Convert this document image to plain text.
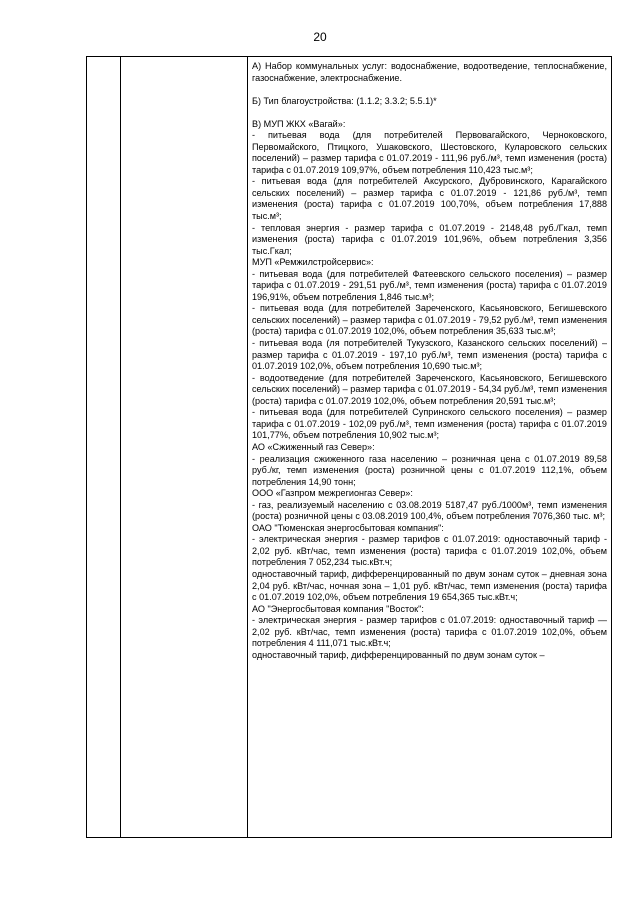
20

А) Набор коммунальных услуг: водоснабжение, водоотведение, теплоснабжение, газоснабжение, электроснабжение.

Б) Тип благоустройства: (1.1.2; 3.3.2; 5.5.1)*

В) МУП ЖКХ «Вагай»:

- питьевая вода (для потребителей Первовагайского, Черноковского, Первомайского, Птицкого, Ушаковского, Шестовского, Куларовского сельских поселений) – размер тарифа с 01.07.2019 - 111,96 руб./м³, темп изменения (роста) тарифа с 01.07.2019 109,97%, объем потребления 110,423 тыс.м³;

- питьевая вода (для потребителей Аксурского, Дубровинского, Карагайского сельских поселений) – размер тарифа с 01.07.2019 - 121,86 руб./м³, темп изменения (роста) тарифа с 01.07.2019 100,70%, объем потребления 17,888 тыс.м³;

- тепловая энергия - размер тарифа с 01.07.2019 - 2148,48 руб./Гкал, темп изменения (роста) тарифа с 01.07.2019 101,96%, объем потребления 3,356 тыс.Гкал;

МУП «Ремжилстройсервис»:

- питьевая вода (для потребителей Фатеевского сельского поселения) – размер тарифа с 01.07.2019 - 291,51 руб./м³, темп изменения (роста) тарифа с 01.07.2019 196,91%, объем потребления 1,846 тыс.м³;

- питьевая вода (для потребителей Зареченского, Касьяновского, Бегишевского сельских поселений) – размер тарифа с 01.07.2019 - 79,52 руб./м³, темп изменения (роста) тарифа с 01.07.2019 102,0%, объем потребления 35,633 тыс.м³;

- питьевая вода (ля потребителей Тукузского, Казанского сельских поселений) – размер тарифа с 01.07.2019 - 197,10 руб./м³, темп изменения (роста) тарифа с 01.07.2019 102,0%, объем потребления 10,690 тыс.м³;

- водоотведение (для потребителей Зареченского, Касьяновского, Бегишевского сельских поселений) – размер тарифа с 01.07.2019 - 54,34 руб./м³, темп изменения (роста) тарифа с 01.07.2019 102,0%, объем потребления 20,591 тыс.м³;

- питьевая вода (для потребителей Супринского сельского поселения) – размер тарифа с 01.07.2019 - 102,09 руб./м³, темп изменения (роста) тарифа с 01.07.2019 101,77%, объем потребления 10,902 тыс.м³;

АО «Сжиженный газ Север»:

- реализация сжиженного газа населению – розничная цена с 01.07.2019 89,58 руб./кг, темп изменения (роста) розничной цены с 01.07.2019 112,1%, объем потребления 14,90 тонн;

ООО «Газпром межрегионгаз Север»:

- газ, реализуемый населению с 03.08.2019 5187,47 руб./1000м³, темп изменения (роста) розничной цены с 03.08.2019 100,4%, объем потребления 7076,360 тыс. м³;

ОАО "Тюменская энергосбытовая компания":

- электрическая энергия - размер тарифов с 01.07.2019: одноставочный тариф - 2,02 руб. кВт/час, темп изменения (роста) тарифа с 01.07.2019 102,0%, объем потребления 7 052,234 тыс.кВт.ч;

одноставочный тариф, дифференцированный по двум зонам суток – дневная зона 2,04 руб. кВт/час, ночная зона – 1,01 руб. кВт/час, темп изменения (роста) тарифа с 01.07.2019 102,0%, объем потребления 19 654,365 тыс.кВт.ч;

АО "Энергосбытовая компания "Восток":

- электрическая энергия - размер тарифов с 01.07.2019: одноставочный тариф — 2,02 руб. кВт/час, темп изменения (роста) тарифа с 01.07.2019 102,0%, объем потребления 4 111,071 тыс.кВт.ч;

одноставочный тариф, дифференцированный по двум зонам суток –
